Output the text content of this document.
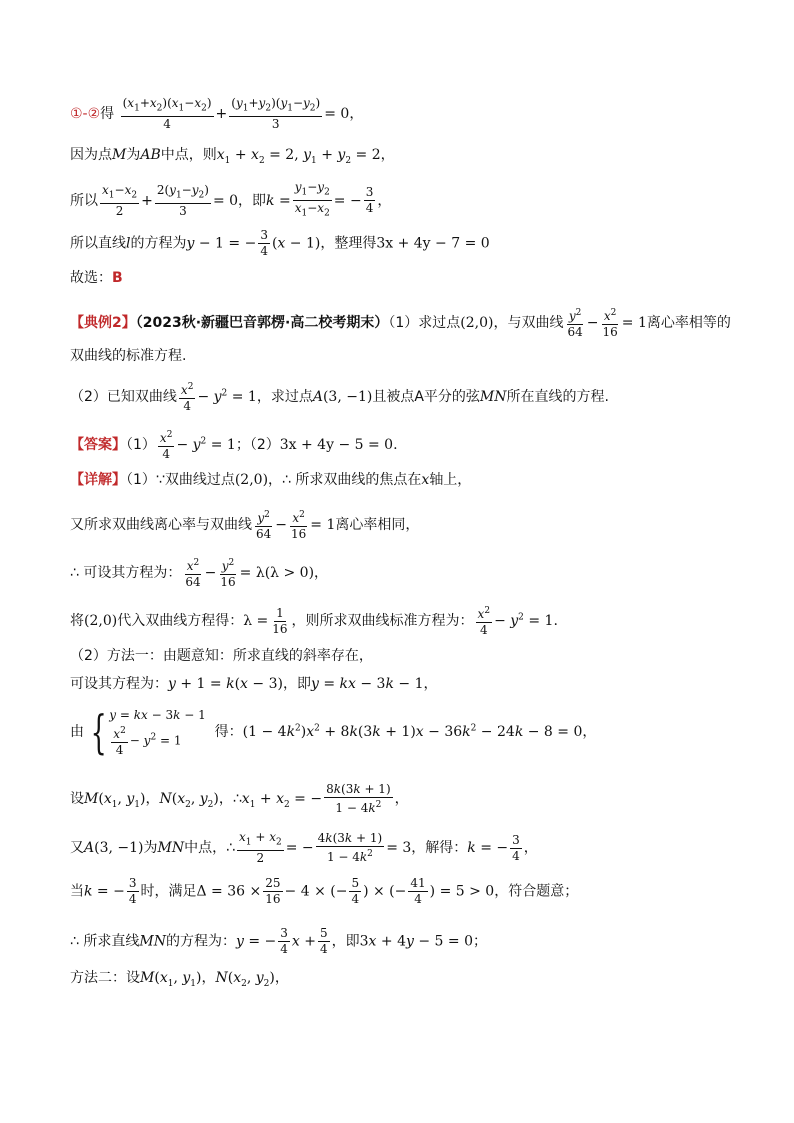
①-②得 $\frac{(x_1+x_2)(x_1-x_2)}{4} + \frac{(y_1+y_2)(y_1-y_2)}{3} = 0$，
因为点M为AB中点，则$x_1 + x_2 = 2$, $y_1 + y_2 = 2$，
所以 $\frac{x_1-x_2}{2} + \frac{2(y_1-y_2)}{3} = 0$，即$k = \frac{y_1-y_2}{x_1-x_2}$ = − $\frac{3}{4}$ ，
所以直线l的方程为y − 1 = − $\frac{3}{4} (x - 1)$，整理得3x + 4y − 7 = 0
故选：B
【典例2】（2023秋·新疆巴音郭楞·高二校考期末）（1）求过点(2,0)，与双曲线 $\frac{y^2}{64} - \frac{x^2}{16} = 1$离心率相等的
双曲线的标准方程.
（2）已知双曲线 $\frac{x^2}{4} - y^2 = 1$，求过点A(3, −1)且被点A平分的弦MN所在直线的方程.
【答案】$(1) \frac{x^2}{4} - y^2 = 1$；（2）3x + 4y − 5 = 0.
【详解】（1）∵双曲线过点(2,0)，∴ 所求双曲线的焦点在x轴上，
又所求双曲线离心率与双曲线 $\frac{y^2}{64} - \frac{x^2}{16} = 1$离心率相同，
∴ 可设其方程为： $\frac{x^2}{64} - \frac{y^2}{16} = \lambda(\lambda > 0)$，
将(2,0)代入双曲线方程得：$\lambda = \frac{1}{16}$ ，则所求双曲线标准方程为： $\frac{x^2}{4} - y^2 = 1$.
（2）方法一：由题意知：所求直线的斜率存在，
可设其方程为：y + 1 = k(x − 3)，即y = kx − 3k − 1，
由 { y = kx − 3k − 1
$\frac{x^2}{4} - y^2 = 1$
得：$(1 - 4k^2)x^2 + 8k(3k + 1)x - 36k^2 - 24k - 8 = 0$，
设$M(x_1$, $y_1$)，$N(x_2$, $y_2$)，$\therefore x_1 + x_2$ = − $\frac{8k(3k + 1)}{1 - 4k^2}$ ，
又A(3, −1)为MN中点，∴ $\frac{x_1 + x_2}{2}$ = − $\frac{4k(3k + 1)}{1 - 4k^2} = 3$，解得：k = − $\frac{3}{4}$ ，
当k = − $\frac{3}{4}$ 时，满足$\Delta = 36 \times \frac{25}{16} - 4$ × (− $\frac{5}{4}$ ) × (− $\frac{41}{4}$ ) = 5 > 0，符合题意；
∴ 所求直线MN的方程为：y = − $\frac{3}{4}$ $x + \frac{5}{4}$ ，即3x + 4y − 5 = 0；
方法二：设$M(x_1$, $y_1$)，$N(x_2$, $y_2$)，
